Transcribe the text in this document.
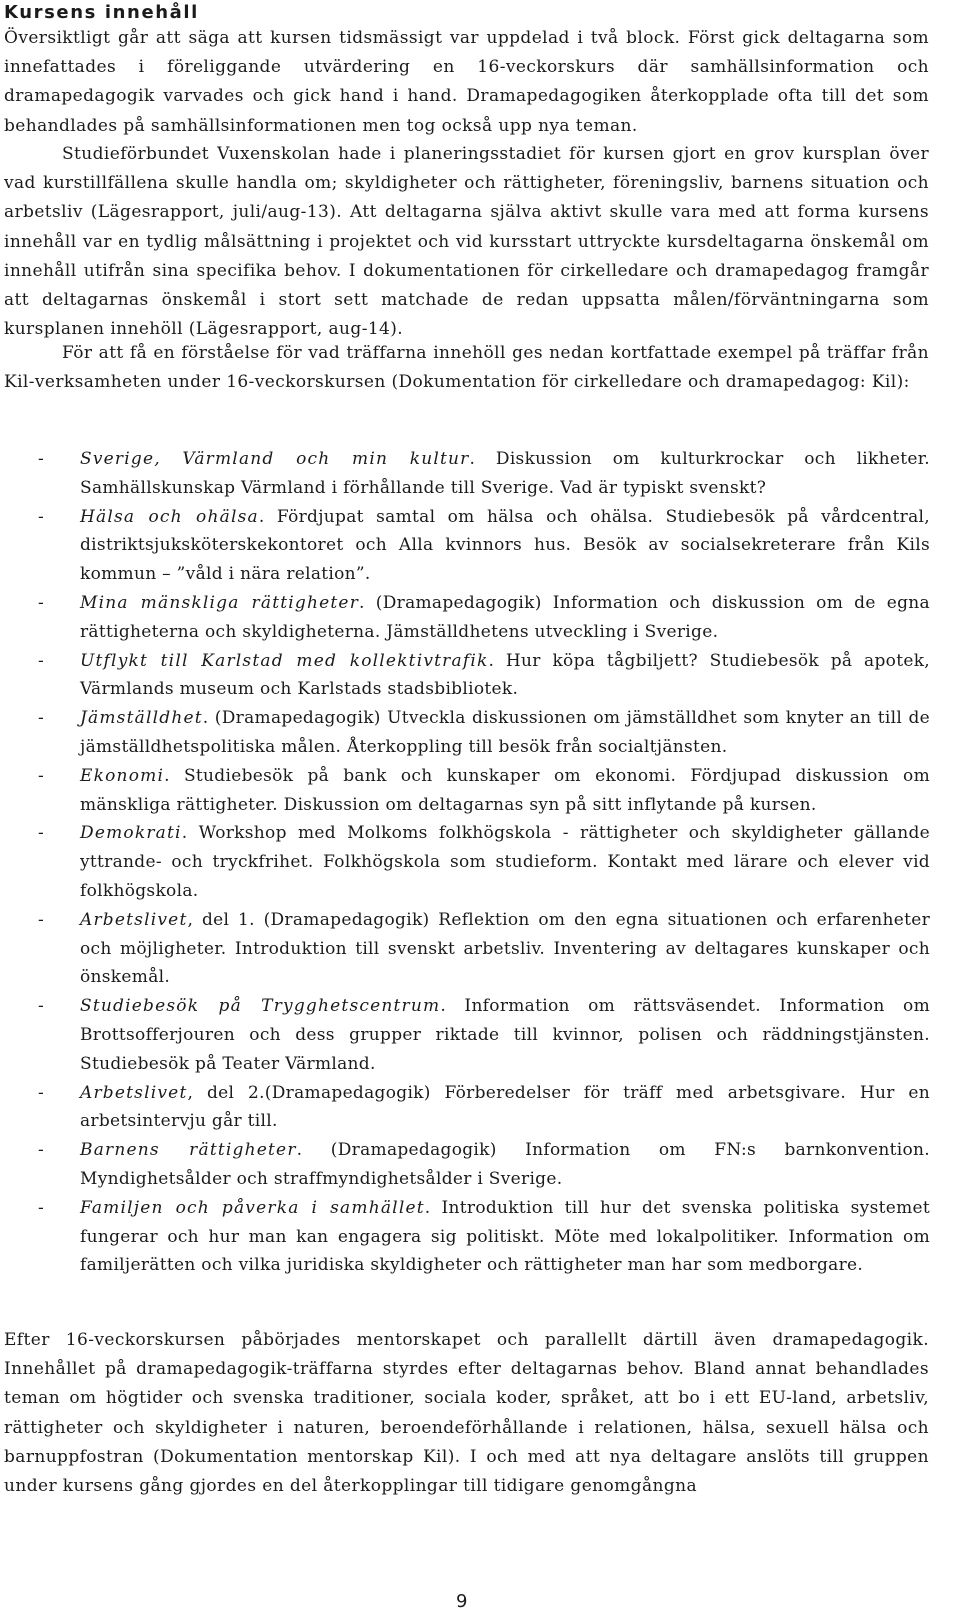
Kursens innehåll

Översiktligt går att säga att kursen tidsmässigt var uppdelad i två block. Först gick deltagarna som innefattades i föreliggande utvärdering en 16-veckorskurs där samhällsinformation och dramapedagogik varvades och gick hand i hand. Dramapedagogiken återkopplade ofta till det som behandlades på samhällsinformationen men tog också upp nya teman.

Studieförbundet Vuxenskolan hade i planeringsstadiet för kursen gjort en grov kursplan över vad kurstillfällena skulle handla om; skyldigheter och rättigheter, föreningsliv, barnens situation och arbetsliv (Lägesrapport, juli/aug-13). Att deltagarna själva aktivt skulle vara med att forma kursens innehåll var en tydlig målsättning i projektet och vid kursstart uttryckte kursdeltagarna önskemål om innehåll utifrån sina specifika behov. I dokumentationen för cirkelledare och dramapedagog framgår att deltagarnas önskemål i stort sett matchade de redan uppsatta målen/förväntningarna som kursplanen innehöll (Lägesrapport, aug-14).

För att få en förståelse för vad träffarna innehöll ges nedan kortfattade exempel på träffar från Kil-verksamheten under 16-veckorskursen (Dokumentation för cirkelledare och dramapedagog: Kil):

- Sverige, Värmland och min kultur. Diskussion om kulturkrockar och likheter. Samhällskunskap Värmland i förhållande till Sverige. Vad är typiskt svenskt?
- Hälsa och ohälsa. Fördjupat samtal om hälsa och ohälsa. Studiebesök på vårdcentral, distriktsjuksköterskekontoret och Alla kvinnors hus. Besök av socialsekreterare från Kils kommun – ”våld i nära relation”.
- Mina mänskliga rättigheter. (Dramapedagogik) Information och diskussion om de egna rättigheterna och skyldigheterna. Jämställdhetens utveckling i Sverige.
- Utflykt till Karlstad med kollektivtrafik. Hur köpa tågbiljett? Studiebesök på apotek, Värmlands museum och Karlstads stadsbibliotek.
- Jämställdhet. (Dramapedagogik) Utveckla diskussionen om jämställdhet som knyter an till de jämställdhetspolitiska målen. Återkoppling till besök från socialtjänsten.
- Ekonomi. Studiebesök på bank och kunskaper om ekonomi. Fördjupad diskussion om mänskliga rättigheter. Diskussion om deltagarnas syn på sitt inflytande på kursen.
- Demokrati. Workshop med Molkoms folkhögskola - rättigheter och skyldigheter gällande yttrande- och tryckfrihet. Folkhögskola som studieform. Kontakt med lärare och elever vid folkhögskola.
- Arbetslivet, del 1. (Dramapedagogik) Reflektion om den egna situationen och erfarenheter och möjligheter. Introduktion till svenskt arbetsliv. Inventering av deltagares kunskaper och önskemål.
- Studiebesök på Trygghetscentrum. Information om rättsväsendet. Information om Brottsofferjouren och dess grupper riktade till kvinnor, polisen och räddningstjänsten. Studiebesök på Teater Värmland.
- Arbetslivet, del 2.(Dramapedagogik) Förberedelser för träff med arbetsgivare. Hur en arbetsintervju går till.
- Barnens rättigheter. (Dramapedagogik) Information om FN:s barnkonvention. Myndighetsålder och straffmyndighetsålder i Sverige.
- Familjen och påverka i samhället. Introduktion till hur det svenska politiska systemet fungerar och hur man kan engagera sig politiskt. Möte med lokalpolitiker. Information om familjerätten och vilka juridiska skyldigheter och rättigheter man har som medborgare.

Efter 16-veckorskursen påbörjades mentorskapet och parallellt därtill även dramapedagogik. Innehållet på dramapedagogik-träffarna styrdes efter deltagarnas behov. Bland annat behandlades teman om högtider och svenska traditioner, sociala koder, språket, att bo i ett EU-land, arbetsliv, rättigheter och skyldigheter i naturen, beroendeförhållande i relationen, hälsa, sexuell hälsa och barnuppfostran (Dokumentation mentorskap Kil). I och med att nya deltagare anslöts till gruppen under kursens gång gjordes en del återkopplingar till tidigare genomgångna

9
